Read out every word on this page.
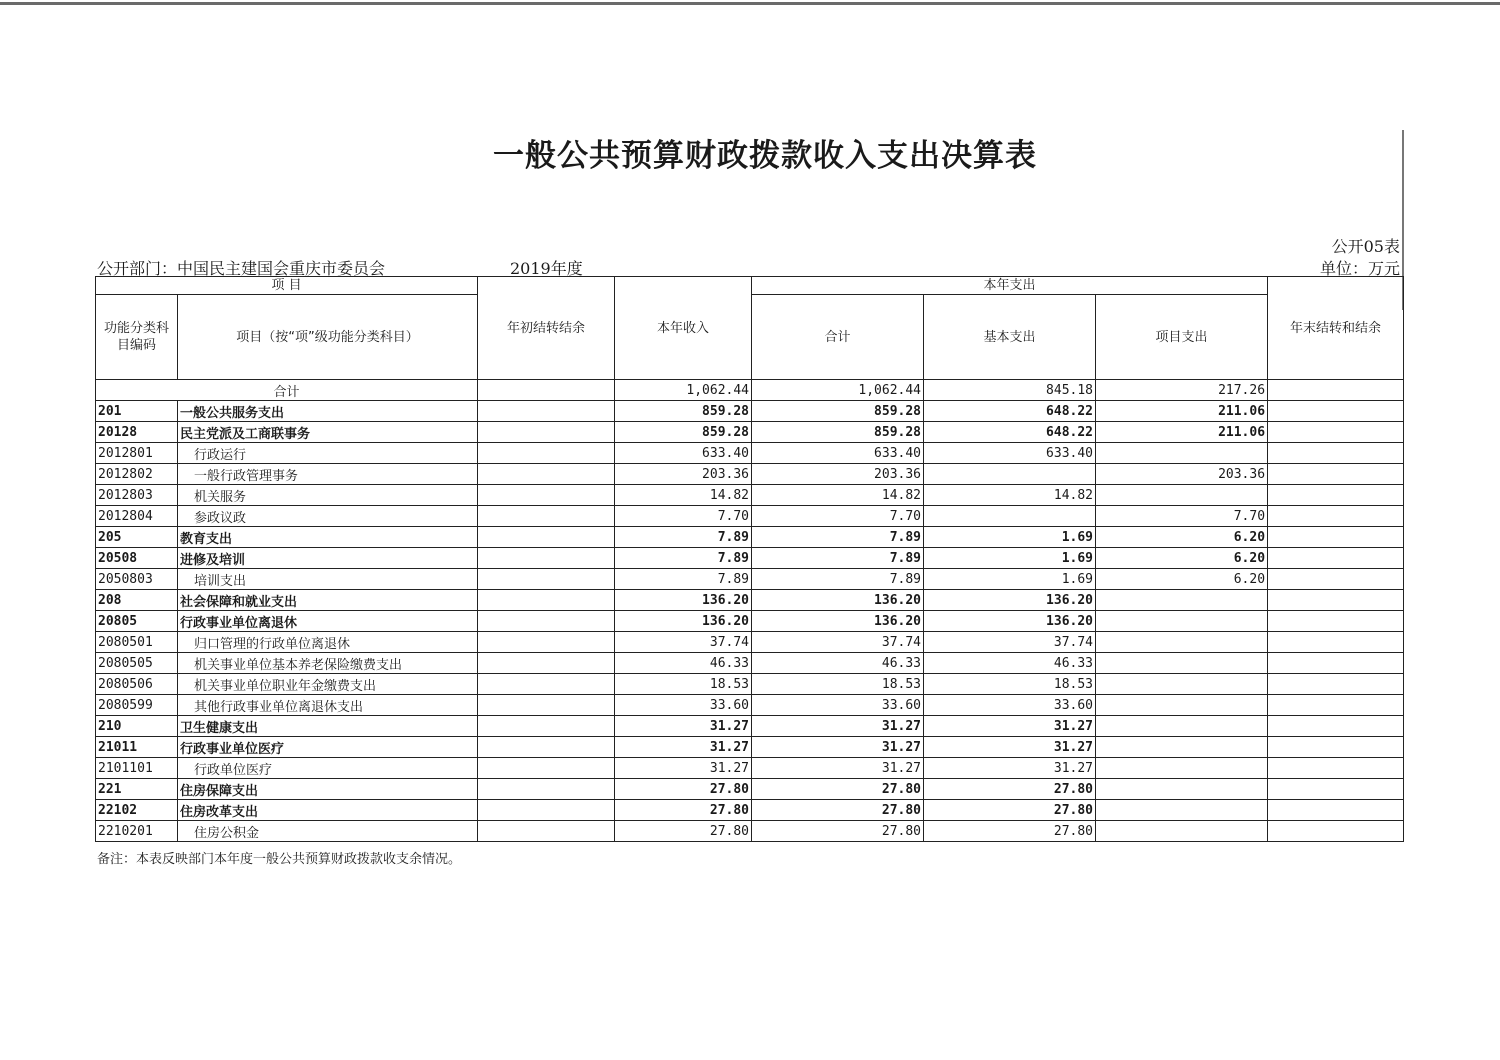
一般公共预算财政拨款收入支出决算表
公开05表
单位：万元
公开部门：中国民主建国会重庆市委员会	2019年度
项 目		年初结转结余	本年收入	本年支出			年末结转和结余
功能分类科目编码	项目（按“项”级功能分类科目）			合计	基本支出	项目支出	
合计			1,062.44	1,062.44	845.18	217.26	
201	一般公共服务支出		859.28	859.28	648.22	211.06	
20128	民主党派及工商联事务		859.28	859.28	648.22	211.06	
2012801	行政运行		633.40	633.40	633.40		
2012802	一般行政管理事务		203.36	203.36		203.36	
2012803	机关服务		14.82	14.82	14.82		
2012804	参政议政		7.70	7.70		7.70	
205	教育支出		7.89	7.89	1.69	6.20	
20508	进修及培训		7.89	7.89	1.69	6.20	
2050803	培训支出		7.89	7.89	1.69	6.20	
208	社会保障和就业支出		136.20	136.20	136.20		
20805	行政事业单位离退休		136.20	136.20	136.20		
2080501	归口管理的行政单位离退休		37.74	37.74	37.74		
2080505	机关事业单位基本养老保险缴费支出		46.33	46.33	46.33		
2080506	机关事业单位职业年金缴费支出		18.53	18.53	18.53		
2080599	其他行政事业单位离退休支出		33.60	33.60	33.60		
210	卫生健康支出		31.27	31.27	31.27		
21011	行政事业单位医疗		31.27	31.27	31.27		
2101101	行政单位医疗		31.27	31.27	31.27		
221	住房保障支出		27.80	27.80	27.80		
22102	住房改革支出		27.80	27.80	27.80		
2210201	住房公积金		27.80	27.80	27.80		
备注：本表反映部门本年度一般公共预算财政拨款收支余情况。
